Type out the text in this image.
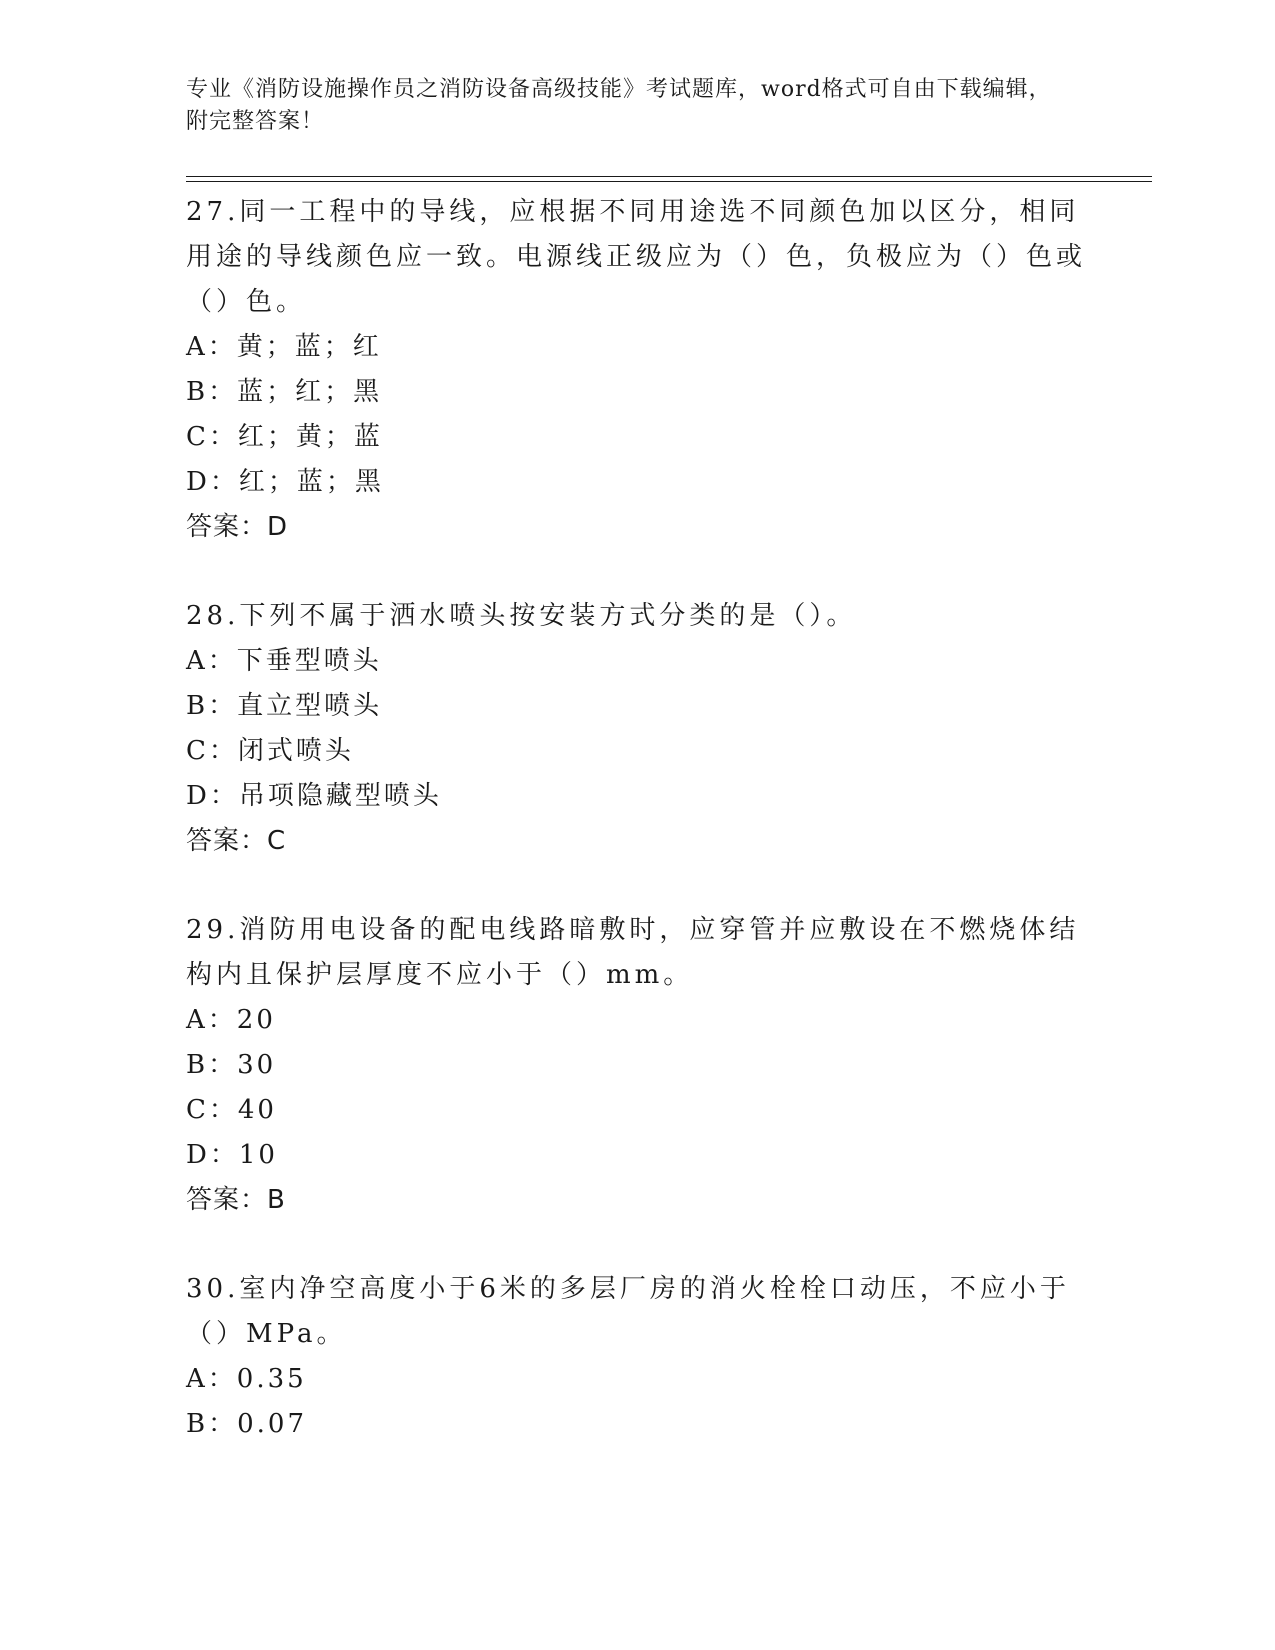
专业《消防设施操作员之消防设备高级技能》考试题库，word格式可自由下载编辑，附完整答案！
27.同一工程中的导线，应根据不同用途选不同颜色加以区分，相同用途的导线颜色应一致。电源线正级应为（）色，负极应为（）色或（）色。
A：黄；蓝；红
B：蓝；红；黑
C：红；黄；蓝
D：红；蓝；黑
答案：D
28.下列不属于洒水喷头按安装方式分类的是（）。
A：下垂型喷头
B：直立型喷头
C：闭式喷头
D：吊项隐藏型喷头
答案：C
29.消防用电设备的配电线路暗敷时，应穿管并应敷设在不燃烧体结构内且保护层厚度不应小于（）mm。
A：20
B：30
C：40
D：10
答案：B
30.室内净空高度小于6米的多层厂房的消火栓栓口动压，不应小于（）MPa。
A：0.35
B：0.07
